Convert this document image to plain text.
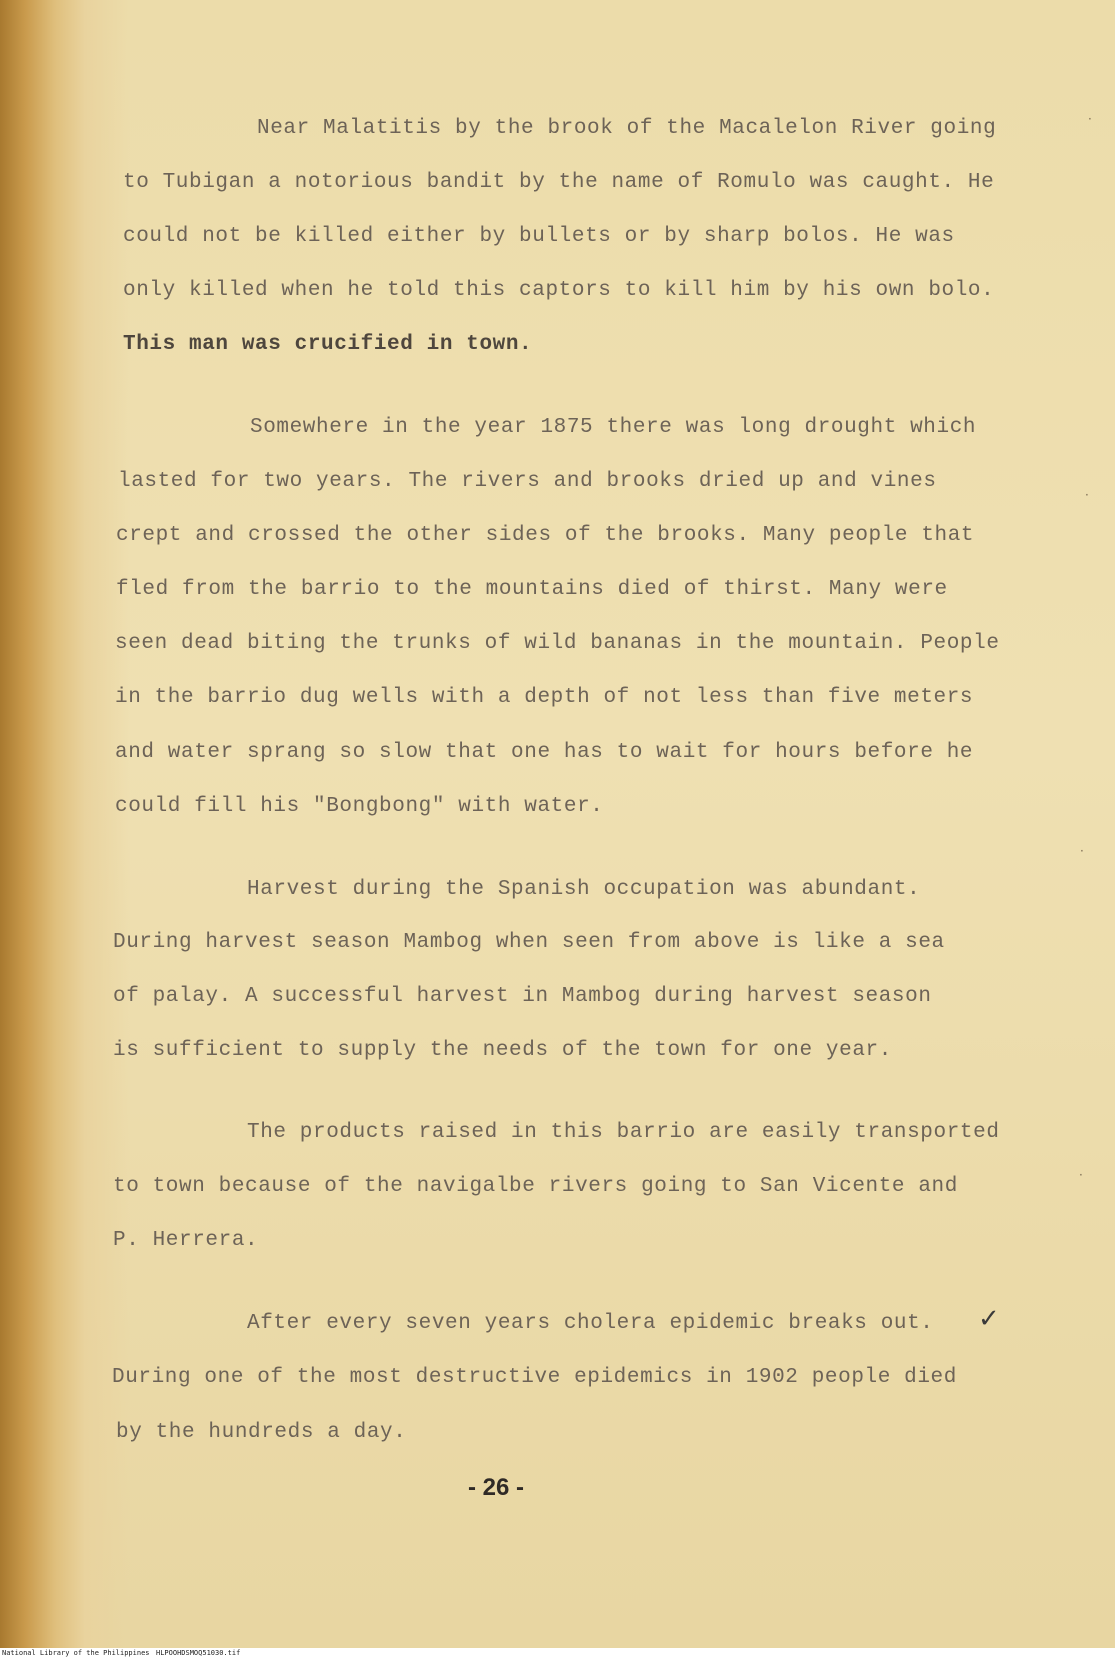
Near Malatitis by the brook of the Macalelon River going
to Tubigan a notorious bandit by the name of Romulo was caught. He
could not be killed either by bullets or by sharp bolos. He was
only killed when he told this captors to kill him by his own bolo.
This man was crucified in town.
Somewhere in the year 1875 there was long drought which
lasted for two years. The rivers and brooks dried up and vines
crept and crossed the other sides of the brooks. Many people that
fled from the barrio to the mountains died of thirst. Many were
seen dead biting the trunks of wild bananas in the mountain. People
in the barrio dug wells with a depth of not less than five meters
and water sprang so slow that one has to wait for hours before he
could fill his "Bongbong" with water.
Harvest during the Spanish occupation was abundant.
During harvest season Mambog when seen from above is like a sea
of palay. A successful harvest in Mambog during harvest season
is sufficient to supply the needs of the town for one year.
The products raised in this barrio are easily transported
to town because of the navigalbe rivers going to San Vicente and
P. Herrera.
After every seven years cholera epidemic breaks out.
During one of the most destructive epidemics in 1902 people died
by the hundreds a day.
✓
- 26 -
·
·
·
·
National Library of the Philippines HLPOOHDSMOQ51030.tif
